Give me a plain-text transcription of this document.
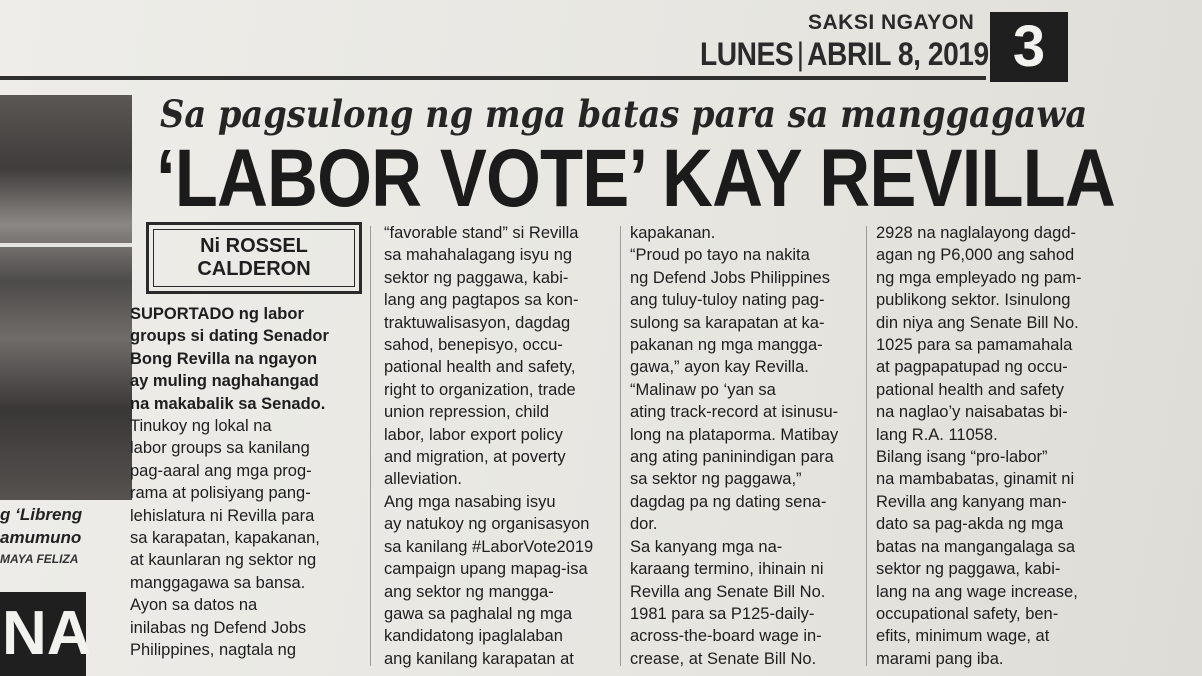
SAKSI NGAYON
LUNES | ABRIL 8, 2019 3
g ‘Libreng
amumuno
MAYA FELIZA
NA
Sa pagsulong ng mga batas para sa manggagawa
‘LABOR VOTE’ KAY REVILLA
Ni ROSSEL
CALDERON
SUPORTADO ng labor
groups si dating Senador
Bong Revilla na ngayon
ay muling naghahangad
na makabalik sa Senado.
Tinukoy ng lokal na
labor groups sa kanilang
pag-aaral ang mga prog-
rama at polisiyang pang-
lehislatura ni Revilla para
sa karapatan, kapakanan,
at kaunlaran ng sektor ng
manggagawa sa bansa.
Ayon sa datos na
inilabas ng Defend Jobs
Philippines, nagtala ng
“favorable stand” si Revilla
sa mahahalagang isyu ng
sektor ng paggawa, kabi-
lang ang pagtapos sa kon-
traktuwalisasyon, dagdag
sahod, benepisyo, occu-
pational health and safety,
right to organization, trade
union repression, child
labor, labor export policy
and migration, at poverty
alleviation.
Ang mga nasabing isyu
ay natukoy ng organisasyon
sa kanilang #LaborVote2019
campaign upang mapag-isa
ang sektor ng mangga-
gawa sa paghalal ng mga
kandidatong ipaglalaban
ang kanilang karapatan at
kapakanan.
“Proud po tayo na nakita
ng Defend Jobs Philippines
ang tuluy-tuloy nating pag-
sulong sa karapatan at ka-
pakanan ng mga mangga-
gawa,” ayon kay Revilla.
“Malinaw po ‘yan sa
ating track-record at isinusu-
long na plataporma. Matibay
ang ating paninindigan para
sa sektor ng paggawa,”
dagdag pa ng dating sena-
dor.
Sa kanyang mga na-
karaang termino, ihinain ni
Revilla ang Senate Bill No.
1981 para sa P125-daily-
across-the-board wage in-
crease, at Senate Bill No.
2928 na naglalayong dagd-
agan ng P6,000 ang sahod
ng mga empleyado ng pam-
publikong sektor. Isinulong
din niya ang Senate Bill No.
1025 para sa pamamahala
at pagpapatupad ng occu-
pational health and safety
na naglao’y naisabatas bi-
lang R.A. 11058.
Bilang isang “pro-labor”
na mambabatas, ginamit ni
Revilla ang kanyang man-
dato sa pag-akda ng mga
batas na mangangalaga sa
sektor ng paggawa, kabi-
lang na ang wage increase,
occupational safety, ben-
efits, minimum wage, at
marami pang iba.
